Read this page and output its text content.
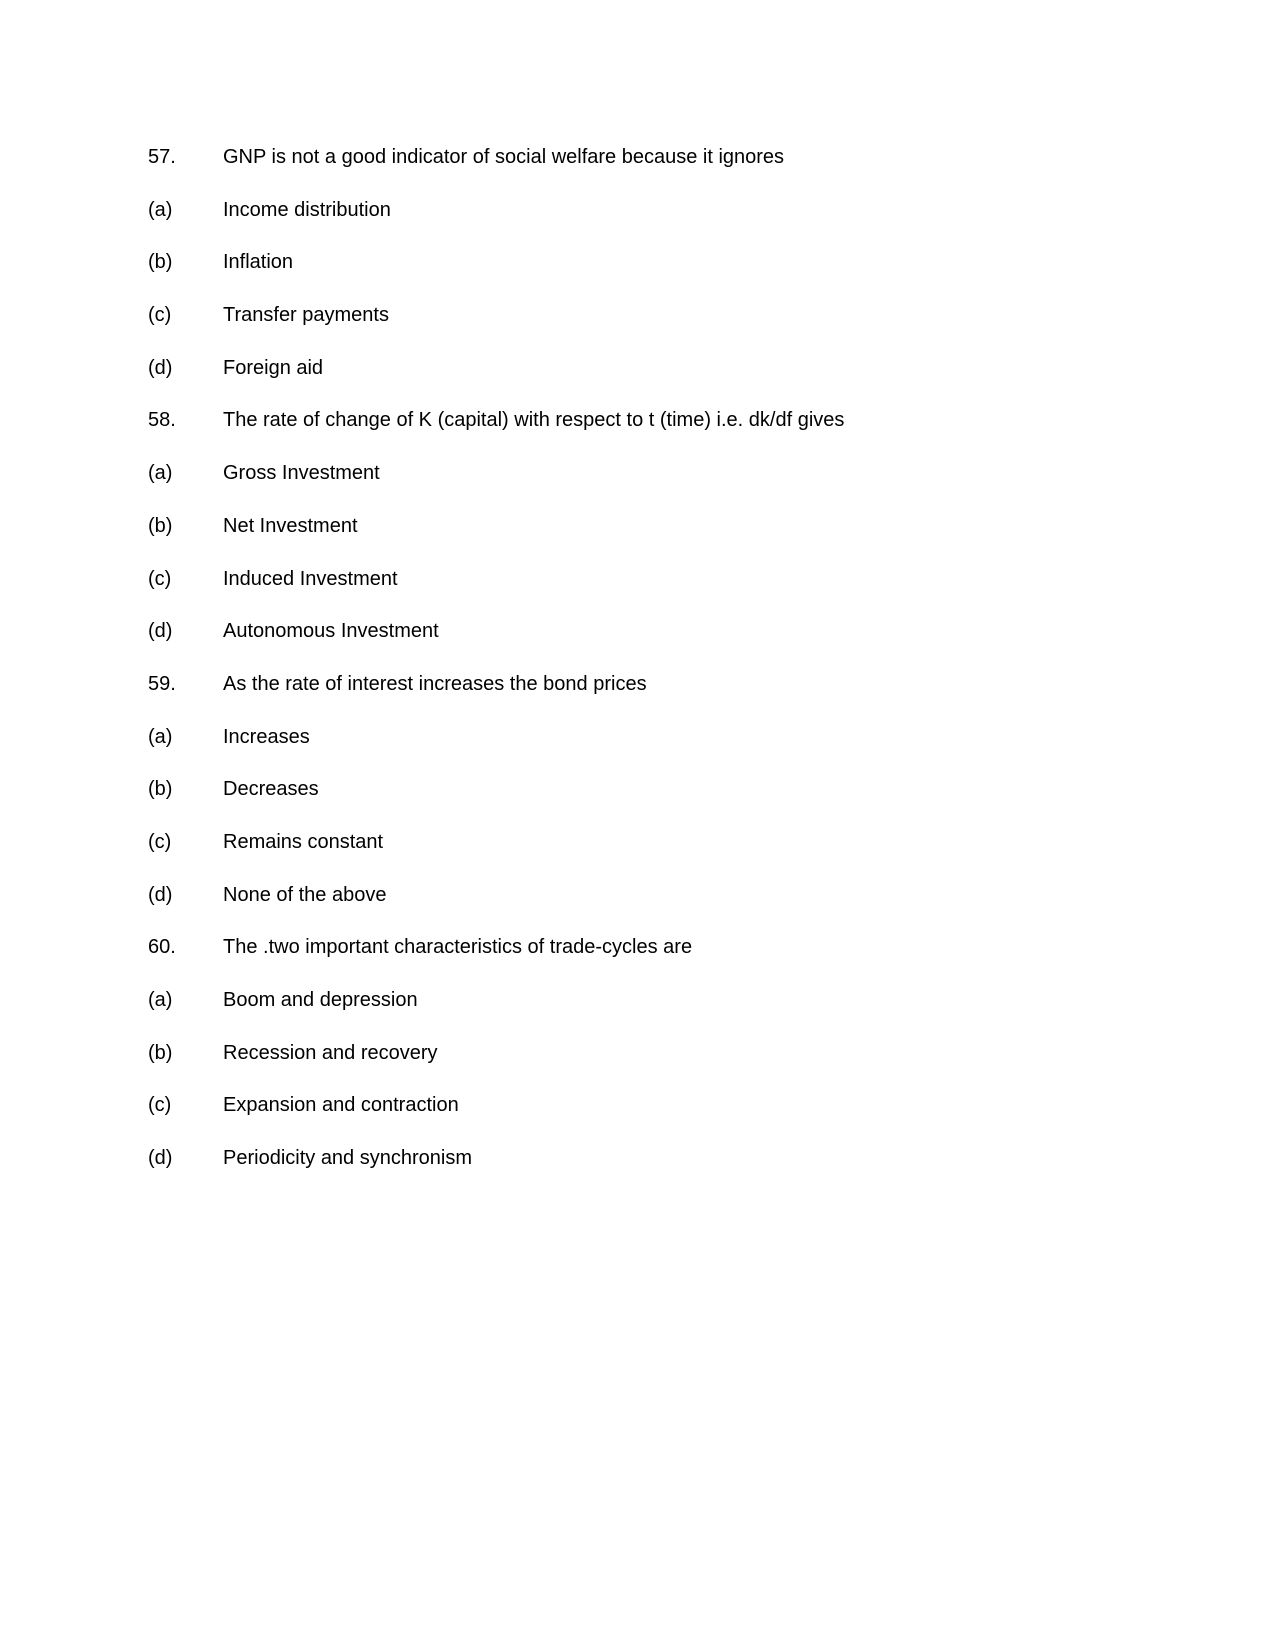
57.	GNP is not a good indicator of social welfare because it ignores
(a)	Income distribution
(b)	Inflation
(c)	Transfer payments
(d)	Foreign aid
58.	The rate of change of K (capital) with respect to t (time) i.e. dk/df gives
(a)	Gross Investment
(b)	Net Investment
(c)	Induced Investment
(d)	Autonomous Investment
59.	As the rate of interest increases the bond prices
(a)	Increases
(b)	Decreases
(c)	Remains constant
(d)	None of the above
60.	The .two important characteristics of trade-cycles are
(a)	Boom and depression
(b)	Recession and recovery
(c)	Expansion and contraction
(d)	Periodicity and synchronism
